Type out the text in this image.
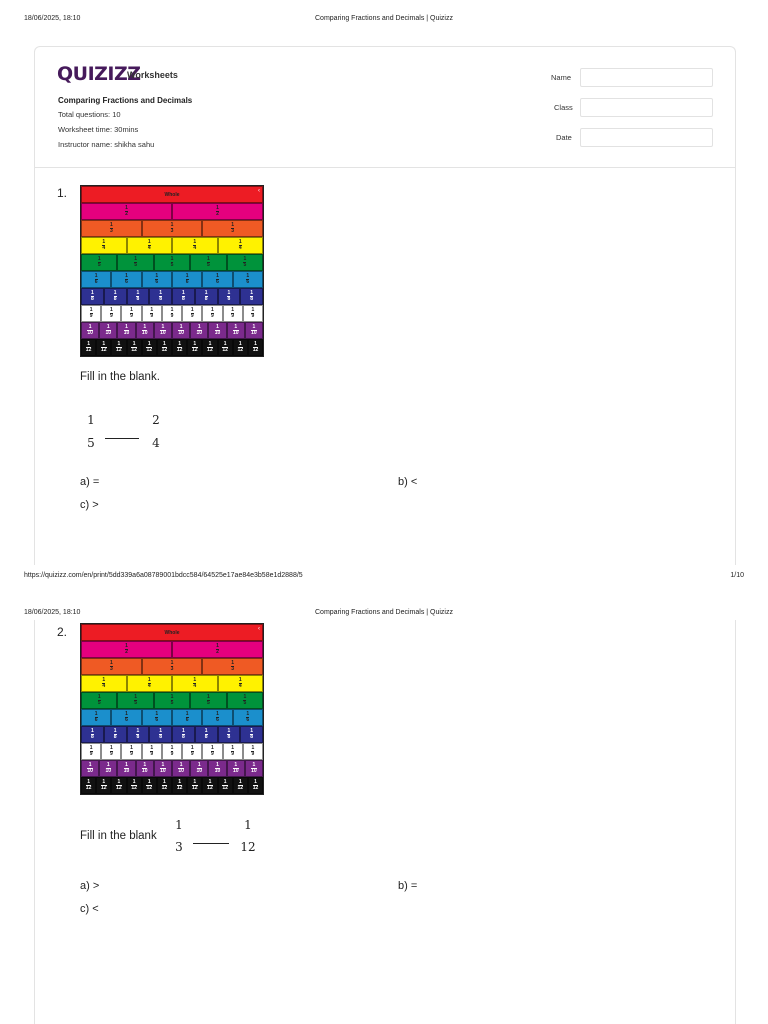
18/06/2025, 18:10	Comparing Fractions and Decimals | Quizizz
QUIZIZZ
Worksheets
Comparing Fractions and Decimals
Total questions: 10
Worksheet time: 30mins
Instructor name: shikha sahu
Name
Class
Date
1.	Whole
‹
1
2
1
2
1
3
1
3
1
3
1
4
1
4
1
4
1
4
1
5
1
5
1
5
1
5
1
5
1
6
1
6
1
6
1
6
1
6
1
6
1
8
1
8
1
8
1
8
1
8
1
8
1
8
1
8
1
9
1
9
1
9
1
9
1
9
1
9
1
9
1
9
1
9
1
10
1
10
1
10
1
10
1
10
1
10
1
10
1
10
1
10
1
10
1
12
1
12
1
12
1
12
1
12
1
12
1
12
1
12
1
12
1
12
1
12
1
12
Fill in the blank.
1
5
2
4
a) =	b) <
c) >
https://quizizz.com/en/print/5dd339a6a08789001bdcc584/64525e17ae84e3b58e1d2888/5	1/10
18/06/2025, 18:10	Comparing Fractions and Decimals | Quizizz
2.	Whole
‹
1
2
1
2
1
3
1
3
1
3
1
4
1
4
1
4
1
4
1
5
1
5
1
5
1
5
1
5
1
6
1
6
1
6
1
6
1
6
1
6
1
8
1
8
1
8
1
8
1
8
1
8
1
8
1
8
1
9
1
9
1
9
1
9
1
9
1
9
1
9
1
9
1
9
1
10
1
10
1
10
1
10
1
10
1
10
1
10
1
10
1
10
1
10
1
12
1
12
1
12
1
12
1
12
1
12
1
12
1
12
1
12
1
12
1
12
1
12
Fill in the blank
1
3
1
12
a) >	b) =
c) <
